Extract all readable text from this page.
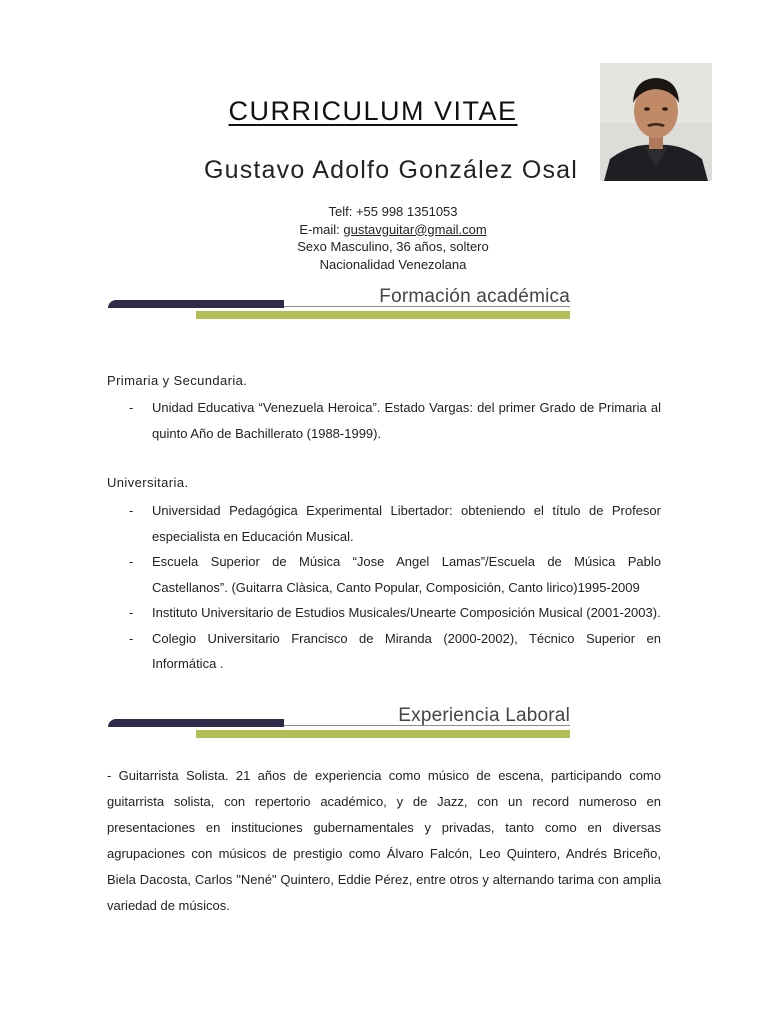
CURRICULUM VITAE
Gustavo Adolfo González Osal
Telf: +55 998 1351053
E-mail: gustavguitar@gmail.com
Sexo Masculino, 36 años, soltero
Nacionalidad Venezolana
Formación académica
Primaria y Secundaria.
- Unidad Educativa “Venezuela Heroica”. Estado Vargas: del primer Grado de Primaria al quinto Año de Bachillerato (1988-1999).
Universitaria.
- Universidad Pedagógica Experimental Libertador: obteniendo el título de Profesor especialista en Educación Musical.
- Escuela Superior de Música “Jose Angel Lamas”/Escuela de Música Pablo Castellanos”. (Guitarra Clàsica, Canto Popular, Composición, Canto lirico)1995-2009
- Instituto Universitario de Estudios Musicales/Unearte Composición Musical (2001-2003).
- Colegio Universitario Francisco de Miranda (2000-2002), Técnico Superior en Informática .
Experiencia Laboral
- Guitarrista Solista. 21 años de experiencia como músico de escena, participando como guitarrista solista, con repertorio académico, y de Jazz, con un record numeroso en presentaciones en instituciones gubernamentales y privadas, tanto como en diversas agrupaciones con músicos de prestigio como Álvaro Falcón, Leo Quintero, Andrés Briceño, Biela Dacosta, Carlos "Nené" Quintero, Eddie Pérez, entre otros y alternando tarima con amplia variedad de músicos.
